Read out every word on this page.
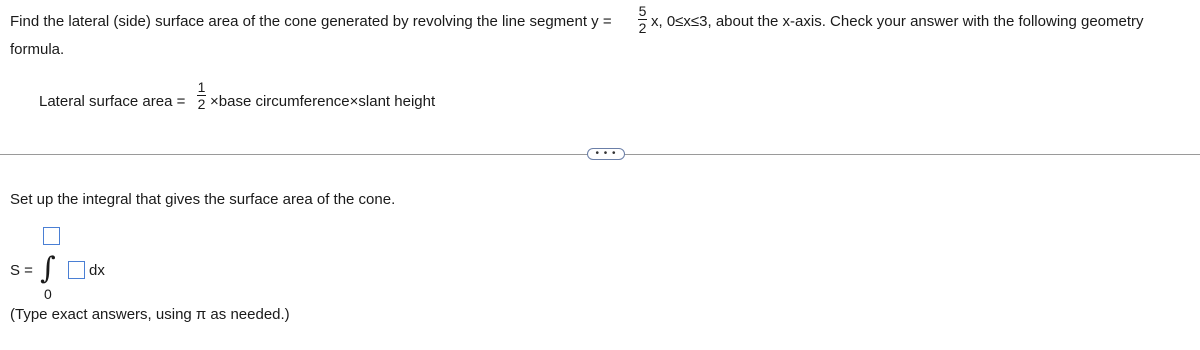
Find the lateral (side) surface area of the cone generated by revolving the line segment y =
5
2 x, 0≤x≤3, about the x-axis. Check your answer with the following geometry
formula.
Lateral surface area =
1
2 ×base circumference×slant height
• • •
Set up the integral that gives the surface area of the cone.
S = ∫ dx
0
(Type exact answers, using π as needed.)
